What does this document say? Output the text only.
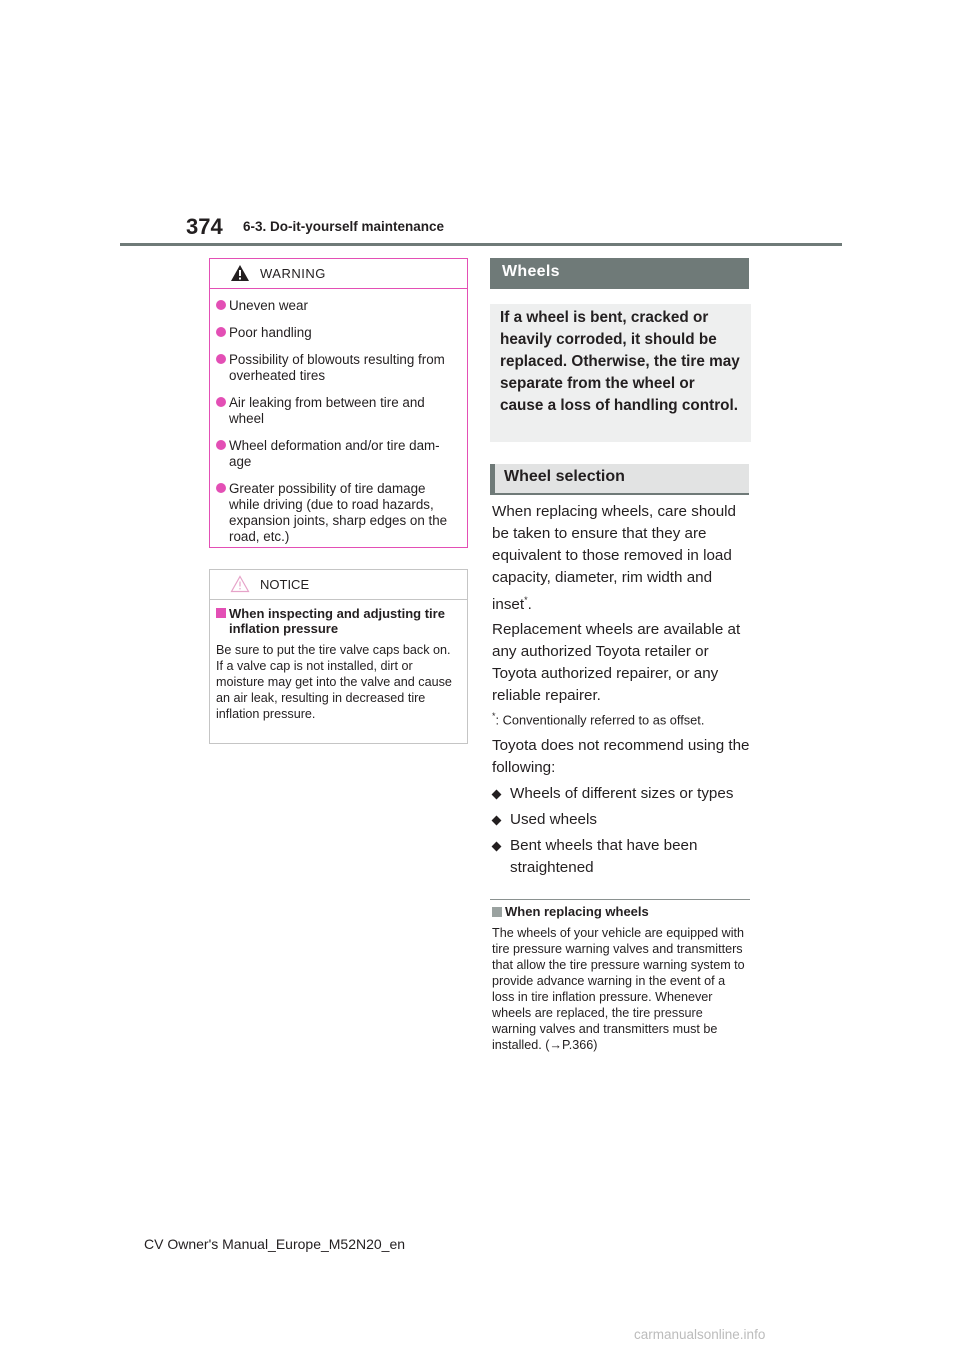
374 6-3. Do-it-yourself maintenance
WARNING
Uneven wear
Poor handling
Possibility of blowouts resulting from overheated tires
Air leaking from between tire and wheel
Wheel deformation and/or tire dam-age
Greater possibility of tire damage while driving (due to road hazards, expansion joints, sharp edges on the road, etc.)
NOTICE
When inspecting and adjusting tire inflation pressure
Be sure to put the tire valve caps back on.
If a valve cap is not installed, dirt or moisture may get into the valve and cause an air leak, resulting in decreased tire inflation pressure.
Wheels
If a wheel is bent, cracked or heavily corroded, it should be replaced. Otherwise, the tire may separate from the wheel or cause a loss of handling control.
Wheel selection
When replacing wheels, care should be taken to ensure that they are equivalent to those removed in load capacity, diameter, rim width and inset*.
Replacement wheels are available at any authorized Toyota retailer or Toyota authorized repairer, or any reliable repairer.
*: Conventionally referred to as offset.
Toyota does not recommend using the following:
Wheels of different sizes or types
Used wheels
Bent wheels that have been straightened
When replacing wheels
The wheels of your vehicle are equipped with tire pressure warning valves and transmitters that allow the tire pressure warning system to provide advance warning in the event of a loss in tire inflation pressure. Whenever wheels are replaced, the tire pressure warning valves and transmitters must be installed. (→P.366)
CV Owner's Manual_Europe_M52N20_en
carmanualsonline.info
